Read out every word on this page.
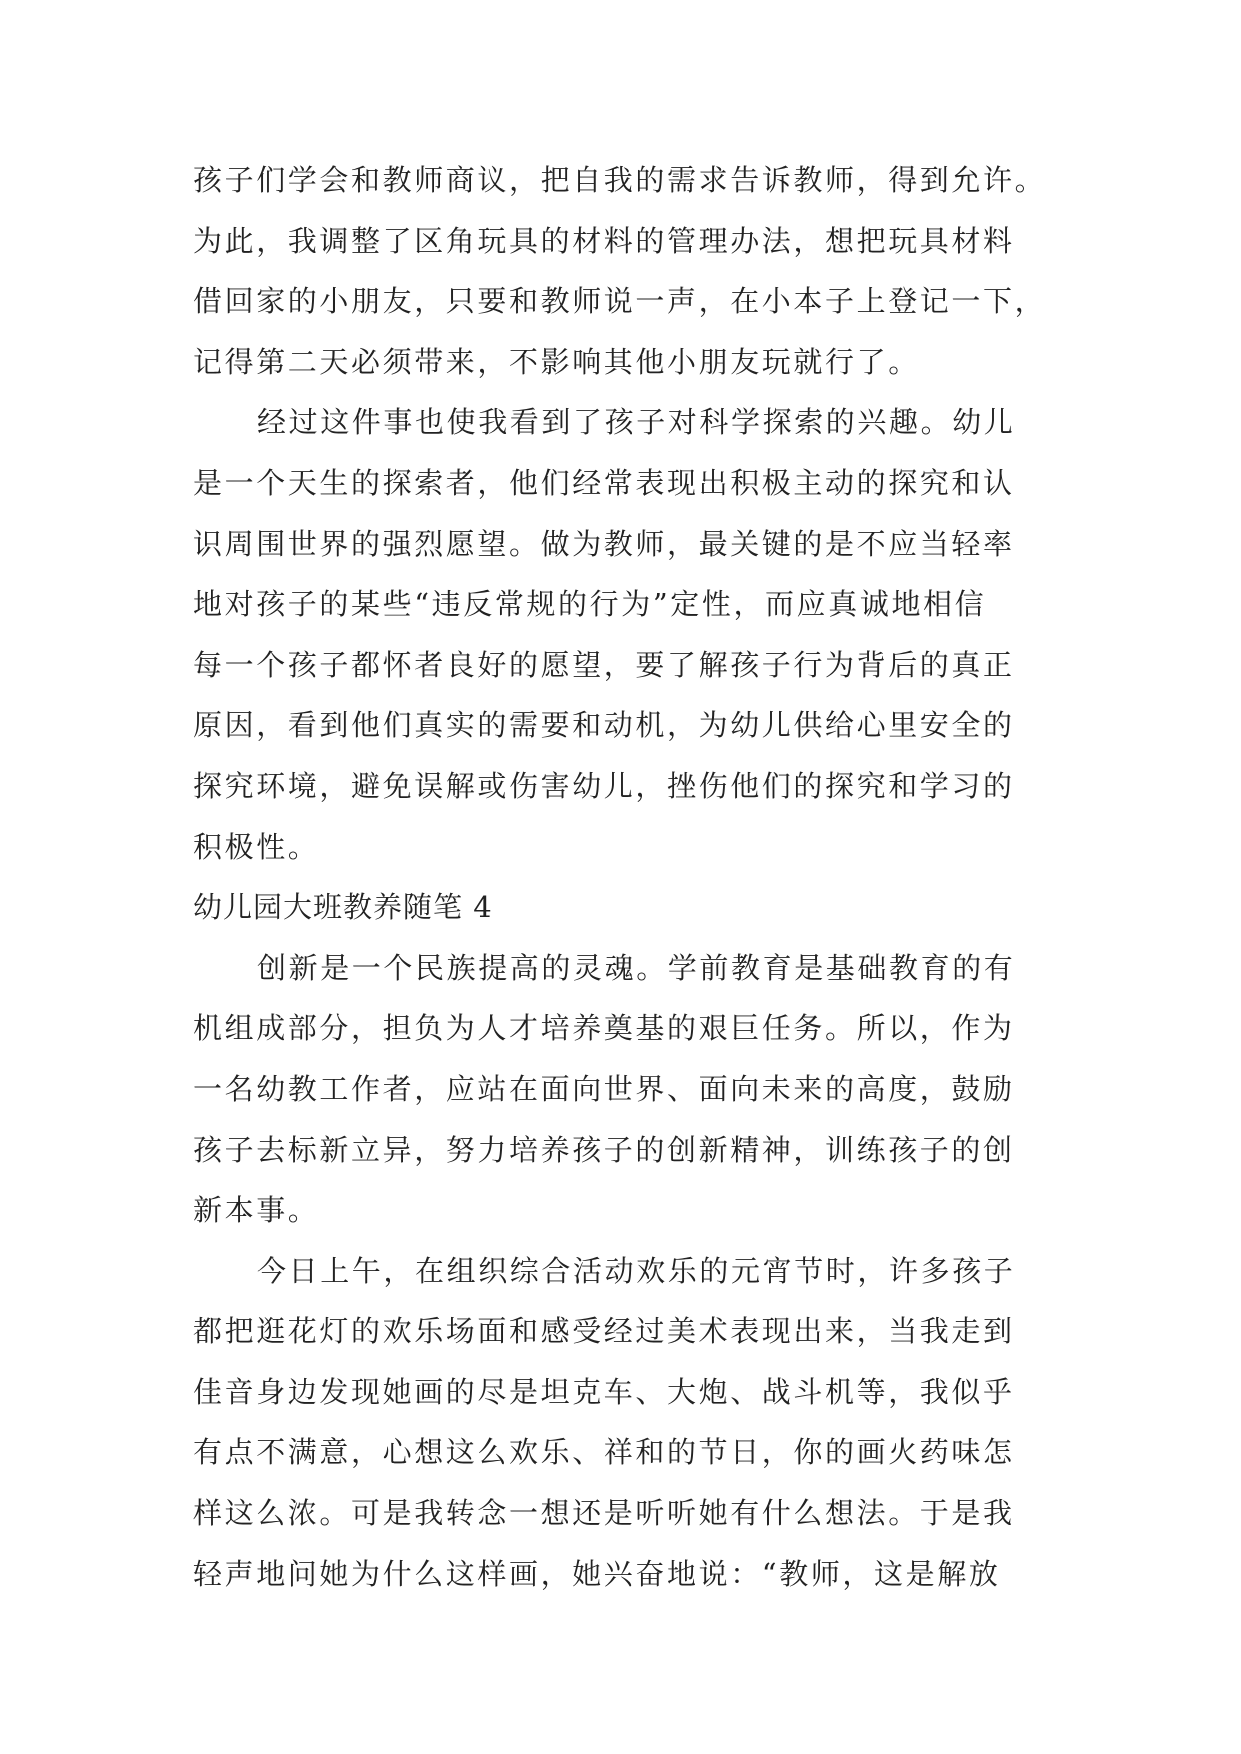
孩子们学会和教师商议，把自我的需求告诉教师，得到允许。
为此，我调整了区角玩具的材料的管理办法，想把玩具材料
借回家的小朋友，只要和教师说一声，在小本子上登记一下，
记得第二天必须带来，不影响其他小朋友玩就行了。
经过这件事也使我看到了孩子对科学探索的兴趣。幼儿
是一个天生的探索者，他们经常表现出积极主动的探究和认
识周围世界的强烈愿望。做为教师，最关键的是不应当轻率
地对孩子的某些“违反常规的行为”定性，而应真诚地相信
每一个孩子都怀者良好的愿望，要了解孩子行为背后的真正
原因，看到他们真实的需要和动机，为幼儿供给心里安全的
探究环境，避免误解或伤害幼儿，挫伤他们的探究和学习的
积极性。
幼儿园大班教养随笔 4
创新是一个民族提高的灵魂。学前教育是基础教育的有
机组成部分，担负为人才培养奠基的艰巨任务。所以，作为
一名幼教工作者，应站在面向世界、面向未来的高度，鼓励
孩子去标新立异，努力培养孩子的创新精神，训练孩子的创
新本事。
今日上午，在组织综合活动欢乐的元宵节时，许多孩子
都把逛花灯的欢乐场面和感受经过美术表现出来，当我走到
佳音身边发现她画的尽是坦克车、大炮、战斗机等，我似乎
有点不满意，心想这么欢乐、祥和的节日，你的画火药味怎
样这么浓。可是我转念一想还是听听她有什么想法。于是我
轻声地问她为什么这样画，她兴奋地说：“教师，这是解放
